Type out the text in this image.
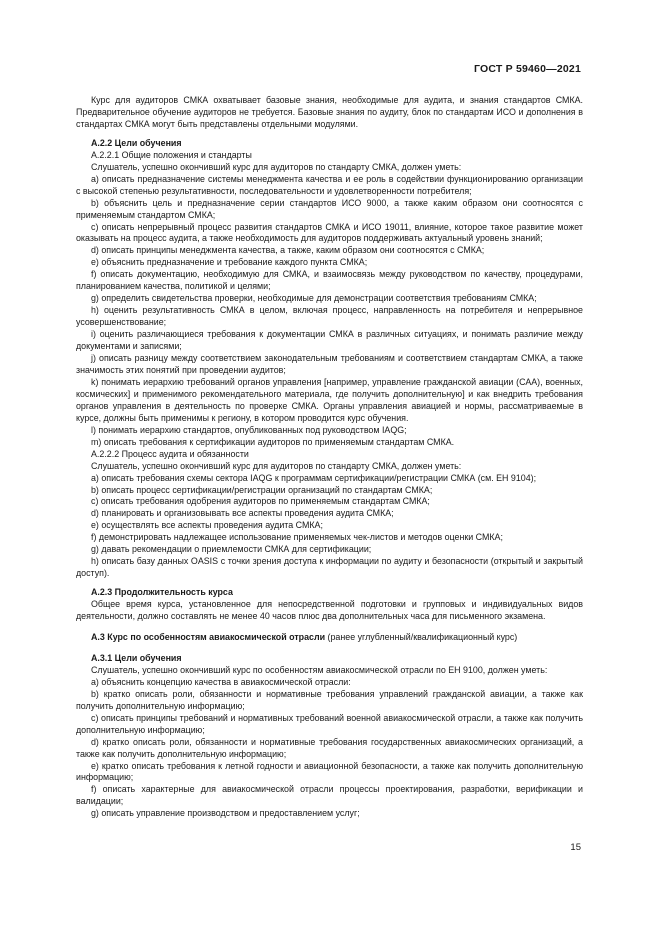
ГОСТ Р 59460—2021

Курс для аудиторов СМКА охватывает базовые знания, необходимые для аудита, и знания стандартов СМКА. Предварительное обучение аудиторов не требуется. Базовые знания по аудиту, блок по стандартам ИСО и дополнения в стандартах СМКА могут быть представлены отдельными модулями.

А.2.2 Цели обучения

А.2.2.1 Общие положения и стандарты

Слушатель, успешно окончивший курс для аудиторов по стандарту СМКА, должен уметь:

a) описать предназначение системы менеджмента качества и ее роль в содействии функционированию организации с высокой степенью результативности, последовательности и удовлетворенности потребителя;

b) объяснить цель и предназначение серии стандартов ИСО 9000, а также каким образом они соотносятся с применяемым стандартом СМКА;

c) описать непрерывный процесс развития стандартов СМКА и ИСО 19011, влияние, которое такое развитие может оказывать на процесс аудита, а также необходимость для аудиторов поддерживать актуальный уровень знаний;

d) описать принципы менеджмента качества, а также, каким образом они соотносятся с СМКА;

e) объяснить предназначение и требование каждого пункта СМКА;

f) описать документацию, необходимую для СМКА, и взаимосвязь между руководством по качеству, процедурами, планированием качества, политикой и целями;

g) определить свидетельства проверки, необходимые для демонстрации соответствия требованиям СМКА;

h) оценить результативность СМКА в целом, включая процесс, направленность на потребителя и непрерывное усовершенствование;

i) оценить различающиеся требования к документации СМКА в различных ситуациях, и понимать различие между документами и записями;

j) описать разницу между соответствием законодательным требованиям и соответствием стандартам СМКА, а также значимость этих понятий при проведении аудитов;

k) понимать иерархию требований органов управления [например, управление гражданской авиации (САА), военных, космических] и применимого рекомендательного материала, где получить дополнительную] и как внедрить требования органов управления в деятельность по проверке СМКА. Органы управления авиацией и нормы, рассматриваемые в курсе, должны быть применимы к региону, в котором проводится курс обучения.

l) понимать иерархию стандартов, опубликованных под руководством IAQG;

m) описать требования к сертификации аудиторов по применяемым стандартам СМКА.

А.2.2.2 Процесс аудита и обязанности

Слушатель, успешно окончивший курс для аудиторов по стандарту СМКА, должен уметь:

a) описать требования схемы сектора IAQG к программам сертификации/регистрации СМКА (см. ЕН 9104);

b) описать процесс сертификации/регистрации организаций по стандартам СМКА;

c) описать требования одобрения аудиторов по применяемым стандартам СМКА;

d) планировать и организовывать все аспекты проведения аудита СМКА;

e) осуществлять все аспекты проведения аудита СМКА;

f) демонстрировать надлежащее использование применяемых чек-листов и методов оценки СМКА;

g) давать рекомендации о приемлемости СМКА для сертификации;

h) описать базу данных OASIS с точки зрения доступа к информации по аудиту и безопасности (открытый и закрытый доступ).

А.2.3 Продолжительность курса

Общее время курса, установленное для непосредственной подготовки и групповых и индивидуальных видов деятельности, должно составлять не менее 40 часов плюс два дополнительных часа для письменного экзамена.

А.3 Курс по особенностям авиакосмической отрасли (ранее углубленный/квалификационный курс)

А.3.1 Цели обучения

Слушатель, успешно окончивший курс по особенностям авиакосмической отрасли по ЕН 9100, должен уметь:

a) объяснить концепцию качества в авиакосмической отрасли:

b) кратко описать роли, обязанности и нормативные требования управлений гражданской авиации, а также как получить дополнительную информацию;

c) описать принципы требований и нормативных требований военной авиакосмической отрасли, а также как получить дополнительную информацию;

d) кратко описать роли, обязанности и нормативные требования государственных авиакосмических организаций, а также как получить дополнительную информацию;

e) кратко описать требования к летной годности и авиационной безопасности, а также как получить дополнительную информацию;

f) описать характерные для авиакосмической отрасли процессы проектирования, разработки, верификации и валидации;

g) описать управление производством и предоставлением услуг;

15
